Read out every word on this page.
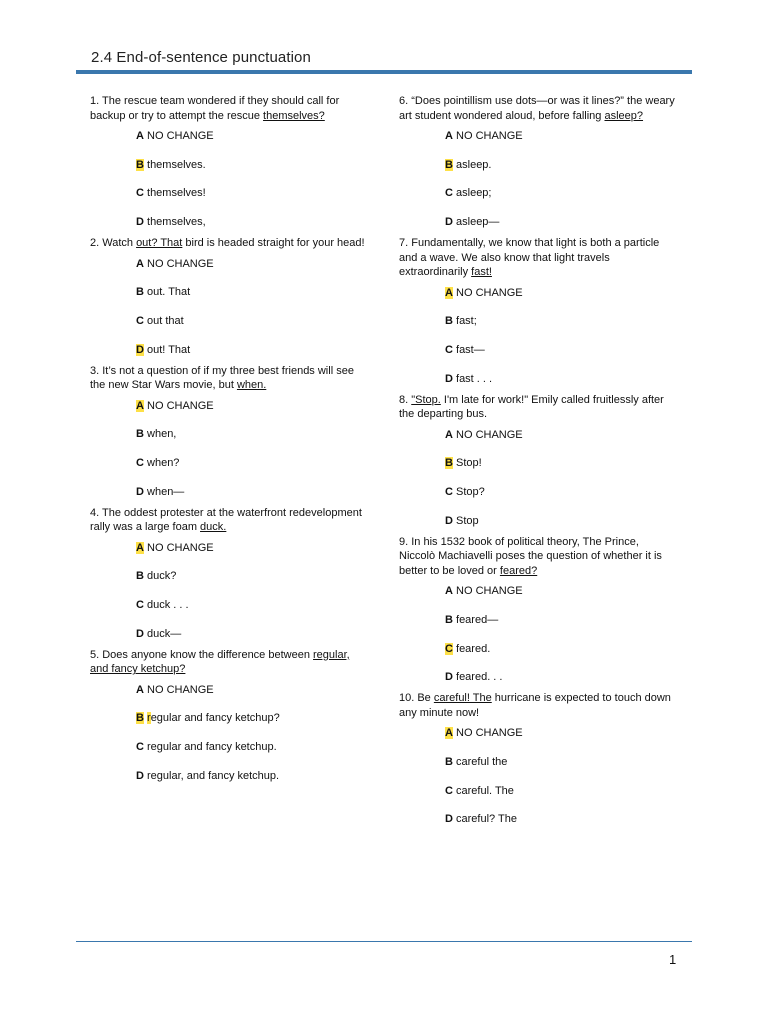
2.4 End-of-sentence punctuation

1. The rescue team wondered if they should call for backup or try to attempt the rescue themselves?

A NO CHANGE
B themselves.
C themselves!
D themselves,

2. Watch out? That bird is headed straight for your head!

A NO CHANGE
B out. That
C out that
D out! That

3. It’s not a question of if my three best friends will see the new Star Wars movie, but when.

A NO CHANGE
B when,
C when?
D when—

4. The oddest protester at the waterfront redevelopment rally was a large foam duck.

A NO CHANGE
B duck?
C duck . . .
D duck—

5. Does anyone know the difference between regular, and fancy ketchup?

A NO CHANGE
B regular and fancy ketchup?
C regular and fancy ketchup.
D regular, and fancy ketchup.

6. “Does pointillism use dots—or was it lines?” the weary art student wondered aloud, before falling asleep?

A NO CHANGE
B asleep.
C asleep;
D asleep—

7. Fundamentally, we know that light is both a particle and a wave. We also know that light travels extraordinarily fast!

A NO CHANGE
B fast;
C fast—
D fast . . .

8. "Stop. I'm late for work!" Emily called fruitlessly after the departing bus.

A NO CHANGE
B Stop!
C Stop?
D Stop

9. In his 1532 book of political theory, The Prince, Niccolò Machiavelli poses the question of whether it is better to be loved or feared?

A NO CHANGE
B feared—
C feared.
D feared. . .

10. Be careful! The hurricane is expected to touch down any minute now!

A NO CHANGE
B careful the
C careful. The
D careful? The
1
